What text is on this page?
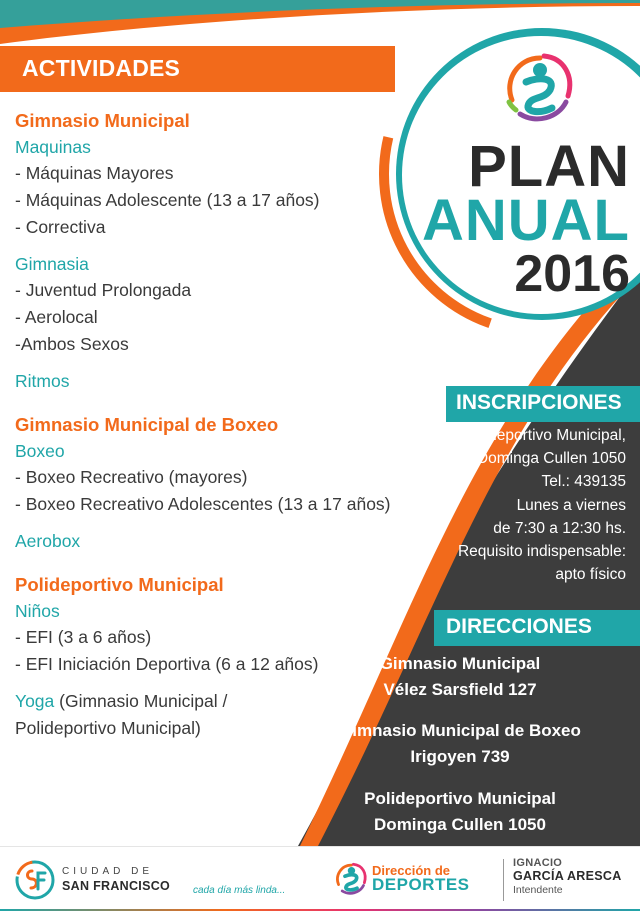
PLAN
ANUAL
2016
ACTIVIDADES
Gimnasio Municipal
Maquinas
- Máquinas Mayores
- Máquinas Adolescente (13 a 17 años)
- Correctiva
Gimnasia
- Juventud Prolongada
- Aerolocal
-Ambos Sexos
Ritmos
Gimnasio Municipal de Boxeo
Boxeo
- Boxeo Recreativo (mayores)
- Boxeo Recreativo Adolescentes (13 a 17 años)
Aerobox
Polideportivo Municipal
Niños
- EFI (3 a 6 años)
- EFI Iniciación Deportiva (6 a 12 años)
Yoga (Gimnasio Municipal /
Polideportivo Municipal)
INSCRIPCIONES
Polideportivo Municipal,
Dominga Cullen 1050
Tel.: 439135
Lunes a viernes
de 7:30 a 12:30 hs.
Requisito indispensable:
apto físico
DIRECCIONES
Gimnasio Municipal
Vélez Sarsfield 127
Gimnasio Municipal de Boxeo
Irigoyen 739
Polideportivo Municipal
Dominga Cullen 1050
CIUDAD DE
SAN FRANCISCO cada día más linda...
Dirección de
DEPORTES
IGNACIO
GARCÍA ARESCA
Intendente
